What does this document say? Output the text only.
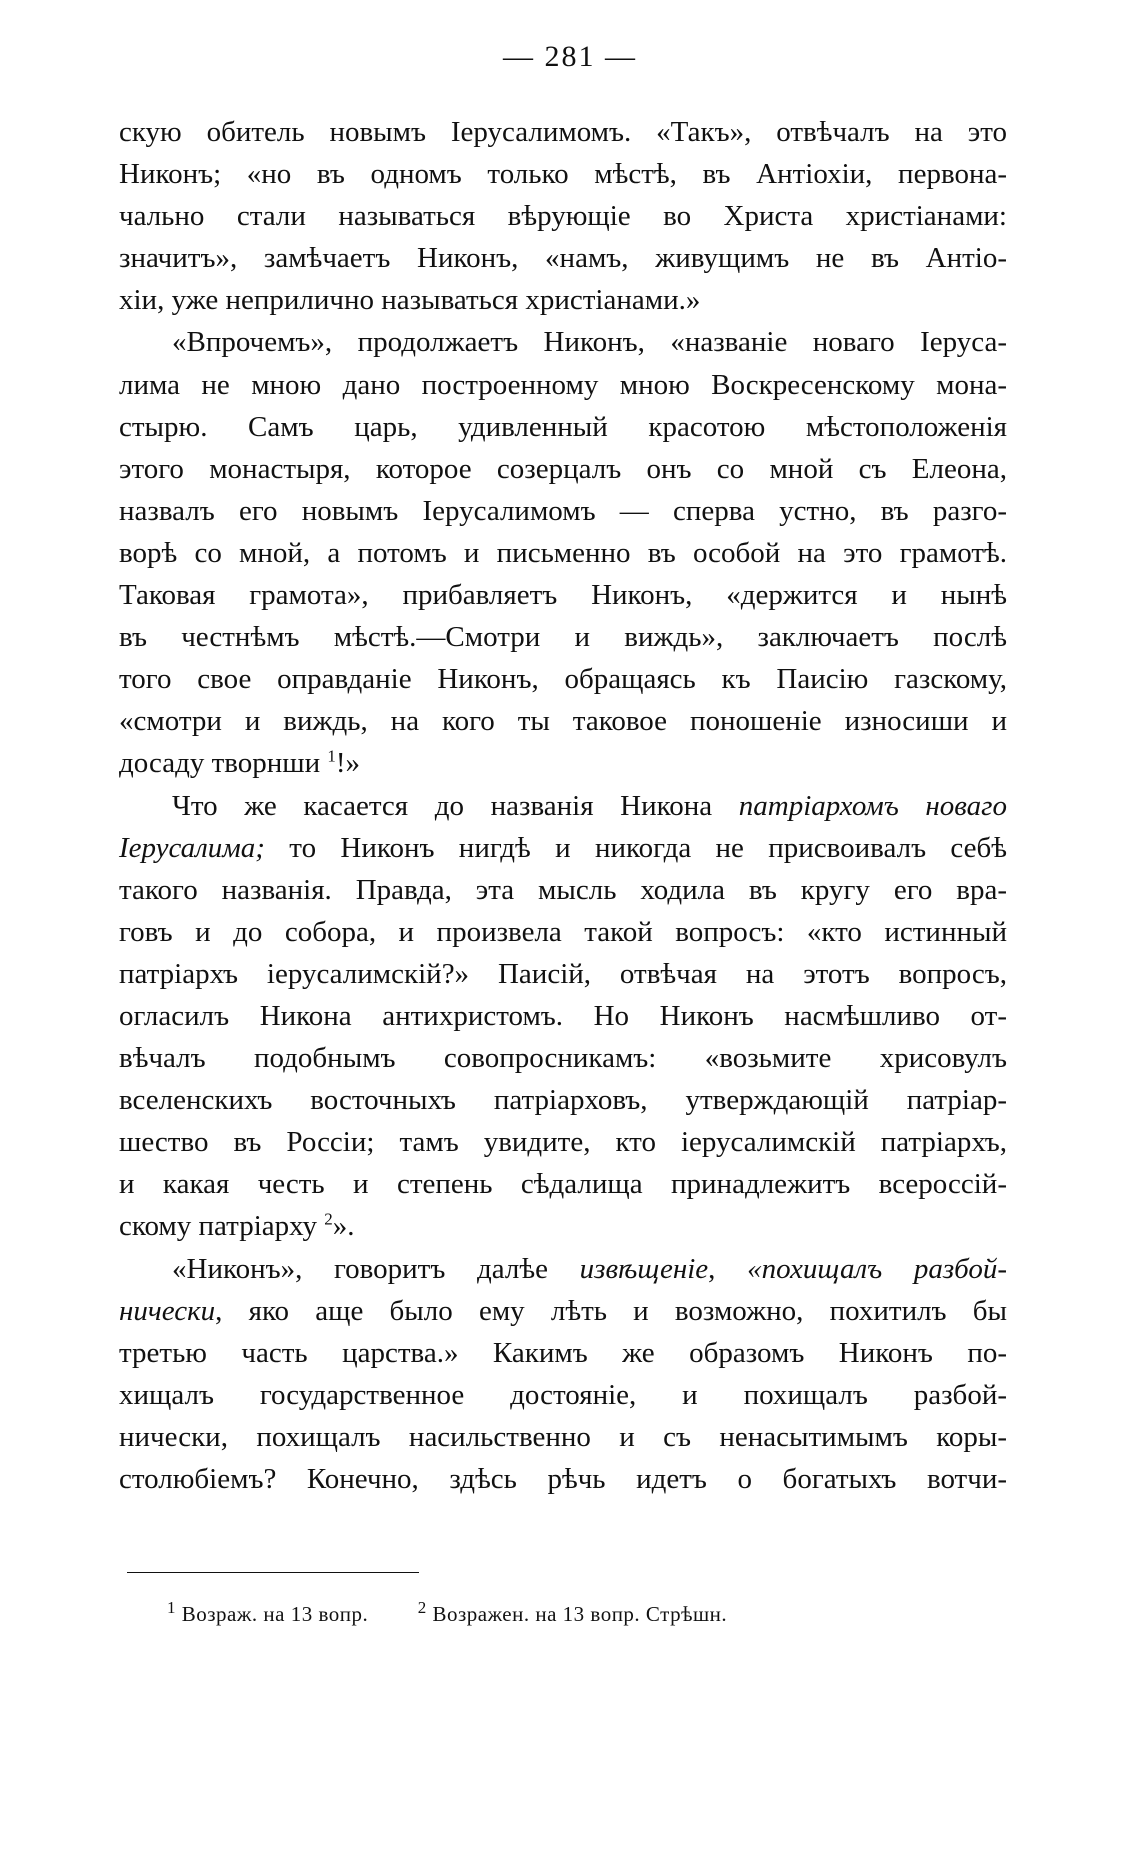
— 281 —
скую обитель новымъ Іерусалимомъ. «Такъ», отвѣчалъ на это
Никонъ; «но въ одномъ только мѣстѣ, въ Антіохіи, первона-
чально стали называться вѣрующіе во Христа христіанами:
значитъ», замѣчаетъ Никонъ, «намъ, живущимъ не въ Антіо-
хіи, уже неприлично называться христіанами.»
«Впрочемъ», продолжаетъ Никонъ, «названіе новаго Іеруса-
лима не мною дано построенному мною Воскресенскому мона-
стырю. Самъ царь, удивленный красотою мѣстоположенія
этого монастыря, которое созерцалъ онъ со мной съ Елеона,
назвалъ его новымъ Іерусалимомъ — сперва устно, въ разго-
ворѣ со мной, а потомъ и письменно въ особой на это грамотѣ.
Таковая грамота», прибавляетъ Никонъ, «держится и нынѣ
въ честнѣмъ мѣстѣ.—Смотри и виждь», заключаетъ послѣ
того свое оправданіе Никонъ, обращаясь къ Паисію газскому,
«смотри и виждь, на кого ты таковое поношеніе износиши и
досаду творнши $^1$!»
Что же касается до названія Никона патріархомъ новаго
Іерусалима; то Никонъ нигдѣ и никогда не присвоивалъ себѣ
такого названія. Правда, эта мысль ходила въ кругу его вра-
говъ и до собора, и произвела такой вопросъ: «кто истинный
патріархъ іерусалимскій?» Паисій, отвѣчая на этотъ вопросъ,
огласилъ Никона антихристомъ. Но Никонъ насмѣшливо от-
вѣчалъ подобнымъ совопросникамъ: «возьмите хрисовулъ
вселенскихъ восточныхъ патріарховъ, утверждающій патріар-
шество въ Россіи; тамъ увидите, кто іерусалимскій патріархъ,
и какая честь и степень сѣдалища принадлежитъ всероссій-
скому патріарху $^2$».
«Никонъ», говоритъ далѣе извѣщеніе, «похищалъ разбой-
нически, яко аще было ему лѣть и возможно, похитилъ бы
третью часть царства.» Какимъ же образомъ Никонъ по-
хищалъ государственное достояніе, и похищалъ разбой-
нически, похищалъ насильственно и съ ненасытимымъ коры-
столюбіемъ? Конечно, здѣсь рѣчь идетъ о богатыхъ вотчи-
$^1$ Возраж. на 13 вопр.	$^2$ Возражен. на 13 вопр. Стрѣшн.
